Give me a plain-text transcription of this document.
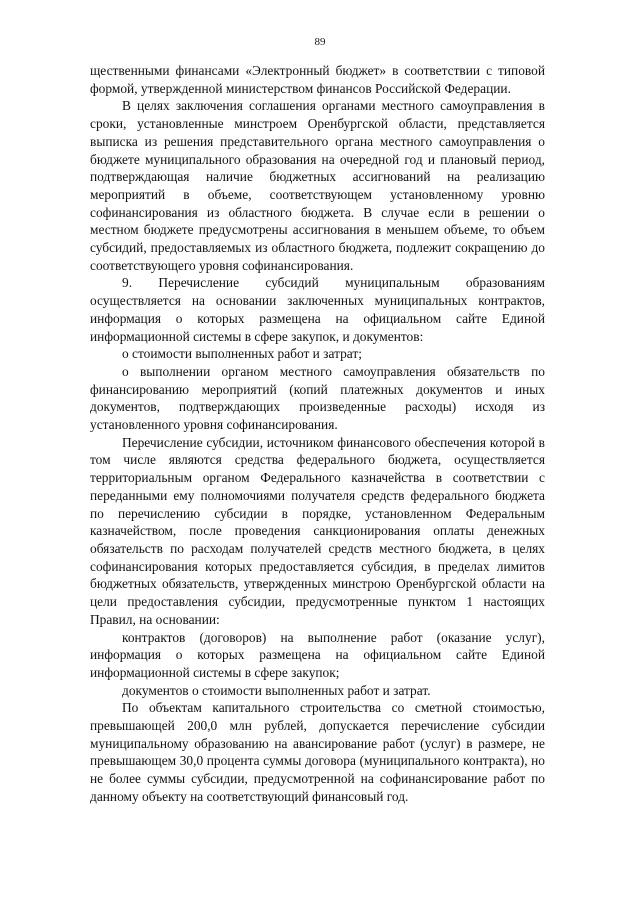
89

щественными финансами «Электронный бюджет» в соответствии с типовой формой, утвержденной министерством финансов Российской Федерации.

В целях заключения соглашения органами местного самоуправления в сроки, установленные минстроем Оренбургской области, представляется выписка из решения представительного органа местного самоуправления о бюджете муниципального образования на очередной год и плановый период, подтверждающая наличие бюджетных ассигнований на реализацию мероприятий в объеме, соответствующем установленному уровню софинансирования из областного бюджета. В случае если в решении о местном бюджете предусмотрены ассигнования в меньшем объеме, то объем субсидий, предоставляемых из областного бюджета, подлежит сокращению до соответствующего уровня софинансирования.

9. Перечисление субсидий муниципальным образованиям осуществляется на основании заключенных муниципальных контрактов, информация о которых размещена на официальном сайте Единой информационной системы в сфере закупок, и документов:

о стоимости выполненных работ и затрат;

о выполнении органом местного самоуправления обязательств по финансированию мероприятий (копий платежных документов и иных документов, подтверждающих произведенные расходы) исходя из установленного уровня софинансирования.

Перечисление субсидии, источником финансового обеспечения которой в том числе являются средства федерального бюджета, осуществляется территориальным органом Федерального казначейства в соответствии с переданными ему полномочиями получателя средств федерального бюджета по перечислению субсидии в порядке, установленном Федеральным казначейством, после проведения санкционирования оплаты денежных обязательств по расходам получателей средств местного бюджета, в целях софинансирования которых предоставляется субсидия, в пределах лимитов бюджетных обязательств, утвержденных минстрою Оренбургской области на цели предоставления субсидии, предусмотренные пунктом 1 настоящих Правил, на основании:

контрактов (договоров) на выполнение работ (оказание услуг), информация о которых размещена на официальном сайте Единой информационной системы в сфере закупок;

документов о стоимости выполненных работ и затрат.

По объектам капитального строительства со сметной стоимостью, превышающей 200,0 млн рублей, допускается перечисление субсидии муниципальному образованию на авансирование работ (услуг) в размере, не превышающем 30,0 процента суммы договора (муниципального контракта), но не более суммы субсидии, предусмотренной на софинансирование работ по данному объекту на соответствующий финансовый год.
